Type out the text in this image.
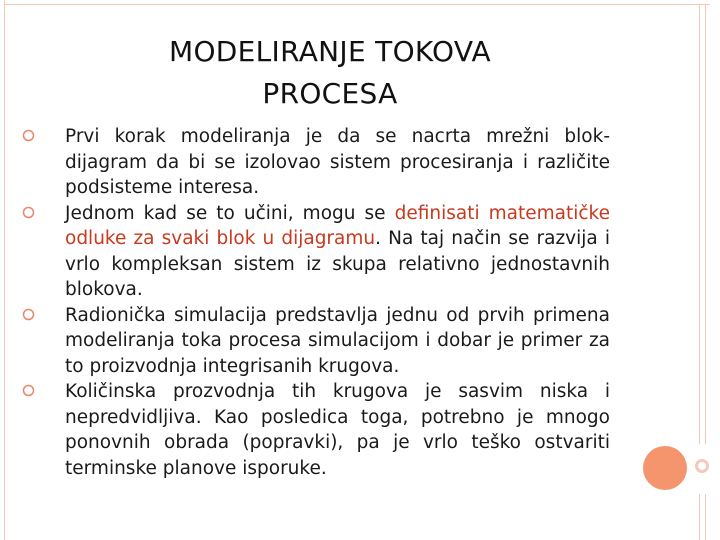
MODELIRANJE TOKOVA
PROCESA
Prvi korak modeliranja je da se nacrta mrežni blok-dijagram da bi se izolovao sistem procesiranja i različite podsisteme interesa.
Jednom kad se to učini, mogu se definisati matematičke odluke za svaki blok u dijagramu. Na taj način se razvija i vrlo kompleksan sistem iz skupa relativno jednostavnih blokova.
Radionička simulacija predstavlja jednu od prvih primena modeliranja toka procesa simulacijom i dobar je primer za to proizvodnja integrisanih krugova.
Količinska prozvodnja tih krugova je sasvim niska i nepredvidljiva. Kao posledica toga, potrebno je mnogo ponovnih obrada (popravki), pa je vrlo teško ostvariti terminske planove isporuke.
